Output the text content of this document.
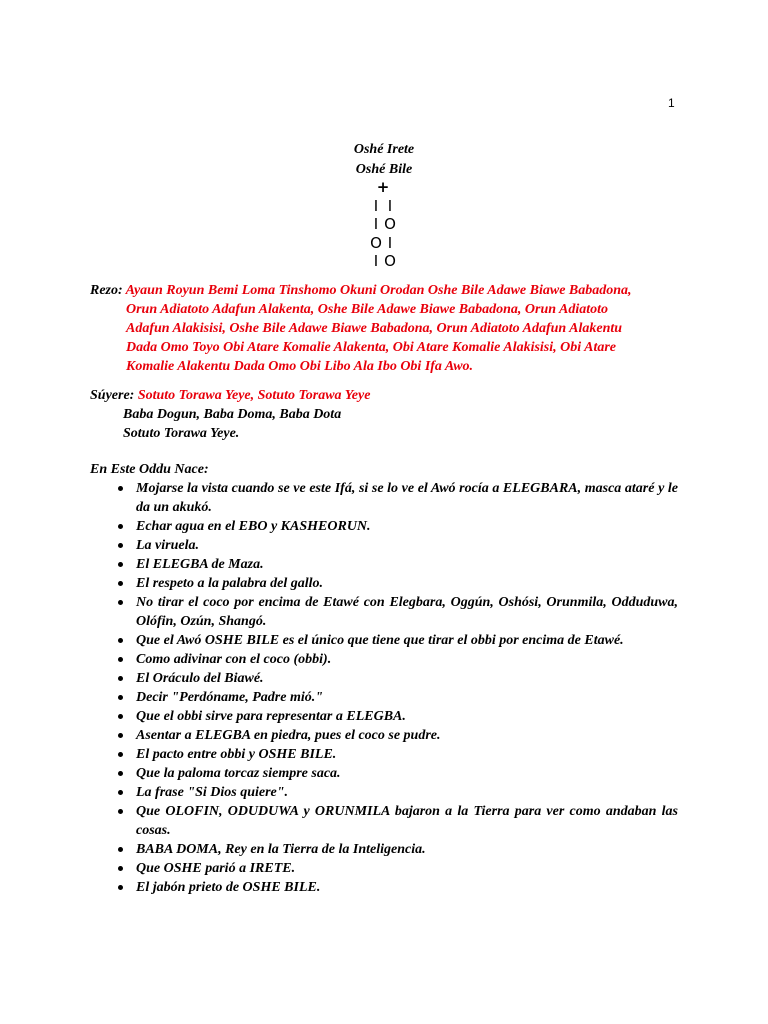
1
Oshé Irete
Oshé Bile
+
I I
I O
O I
I O
Rezo: Ayaun Royun Bemi Loma Tinshomo Okuni Orodan Oshe Bile Adawe Biawe Babadona,
Orun Adiatoto Adafun Alakenta, Oshe Bile Adawe Biawe Babadona, Orun Adiatoto
Adafun Alakisisi, Oshe Bile Adawe Biawe Babadona, Orun Adiatoto Adafun Alakentu
Dada Omo Toyo Obi Atare Komalie Alakenta, Obi Atare Komalie Alakisisi, Obi Atare
Komalie Alakentu Dada Omo Obi Libo Ala Ibo Obi Ifa Awo.
Súyere: Sotuto Torawa Yeye, Sotuto Torawa Yeye
Baba Dogun, Baba Doma, Baba Dota
Sotuto Torawa Yeye.
En Este Oddu Nace:
Mojarse la vista cuando se ve este Ifá, si se lo ve el Awó rocía a ELEGBARA, masca ataré y le da un akukó.
Echar agua en el EBO y KASHEORUN.
La viruela.
El ELEGBA de Maza.
El respeto a la palabra del gallo.
No tirar el coco por encima de Etawé con Elegbara, Oggún, Oshósi, Orunmila, Odduduwa, Olófin, Ozún, Shangó.
Que el Awó OSHE BILE es el único que tiene que tirar el obbi por encima de Etawé.
Como adivinar con el coco (obbi).
El Oráculo del Biawé.
Decir "Perdóname, Padre mió."
Que el obbi sirve para representar a ELEGBA.
Asentar a ELEGBA en piedra, pues el coco se pudre.
El pacto entre obbi y OSHE BILE.
Que la paloma torcaz siempre saca.
La frase "Si Dios quiere".
Que OLOFIN, ODUDUWA y ORUNMILA bajaron a la Tierra para ver como andaban las cosas.
BABA DOMA, Rey en la Tierra de la Inteligencia.
Que OSHE parió a IRETE.
El jabón prieto de OSHE BILE.
